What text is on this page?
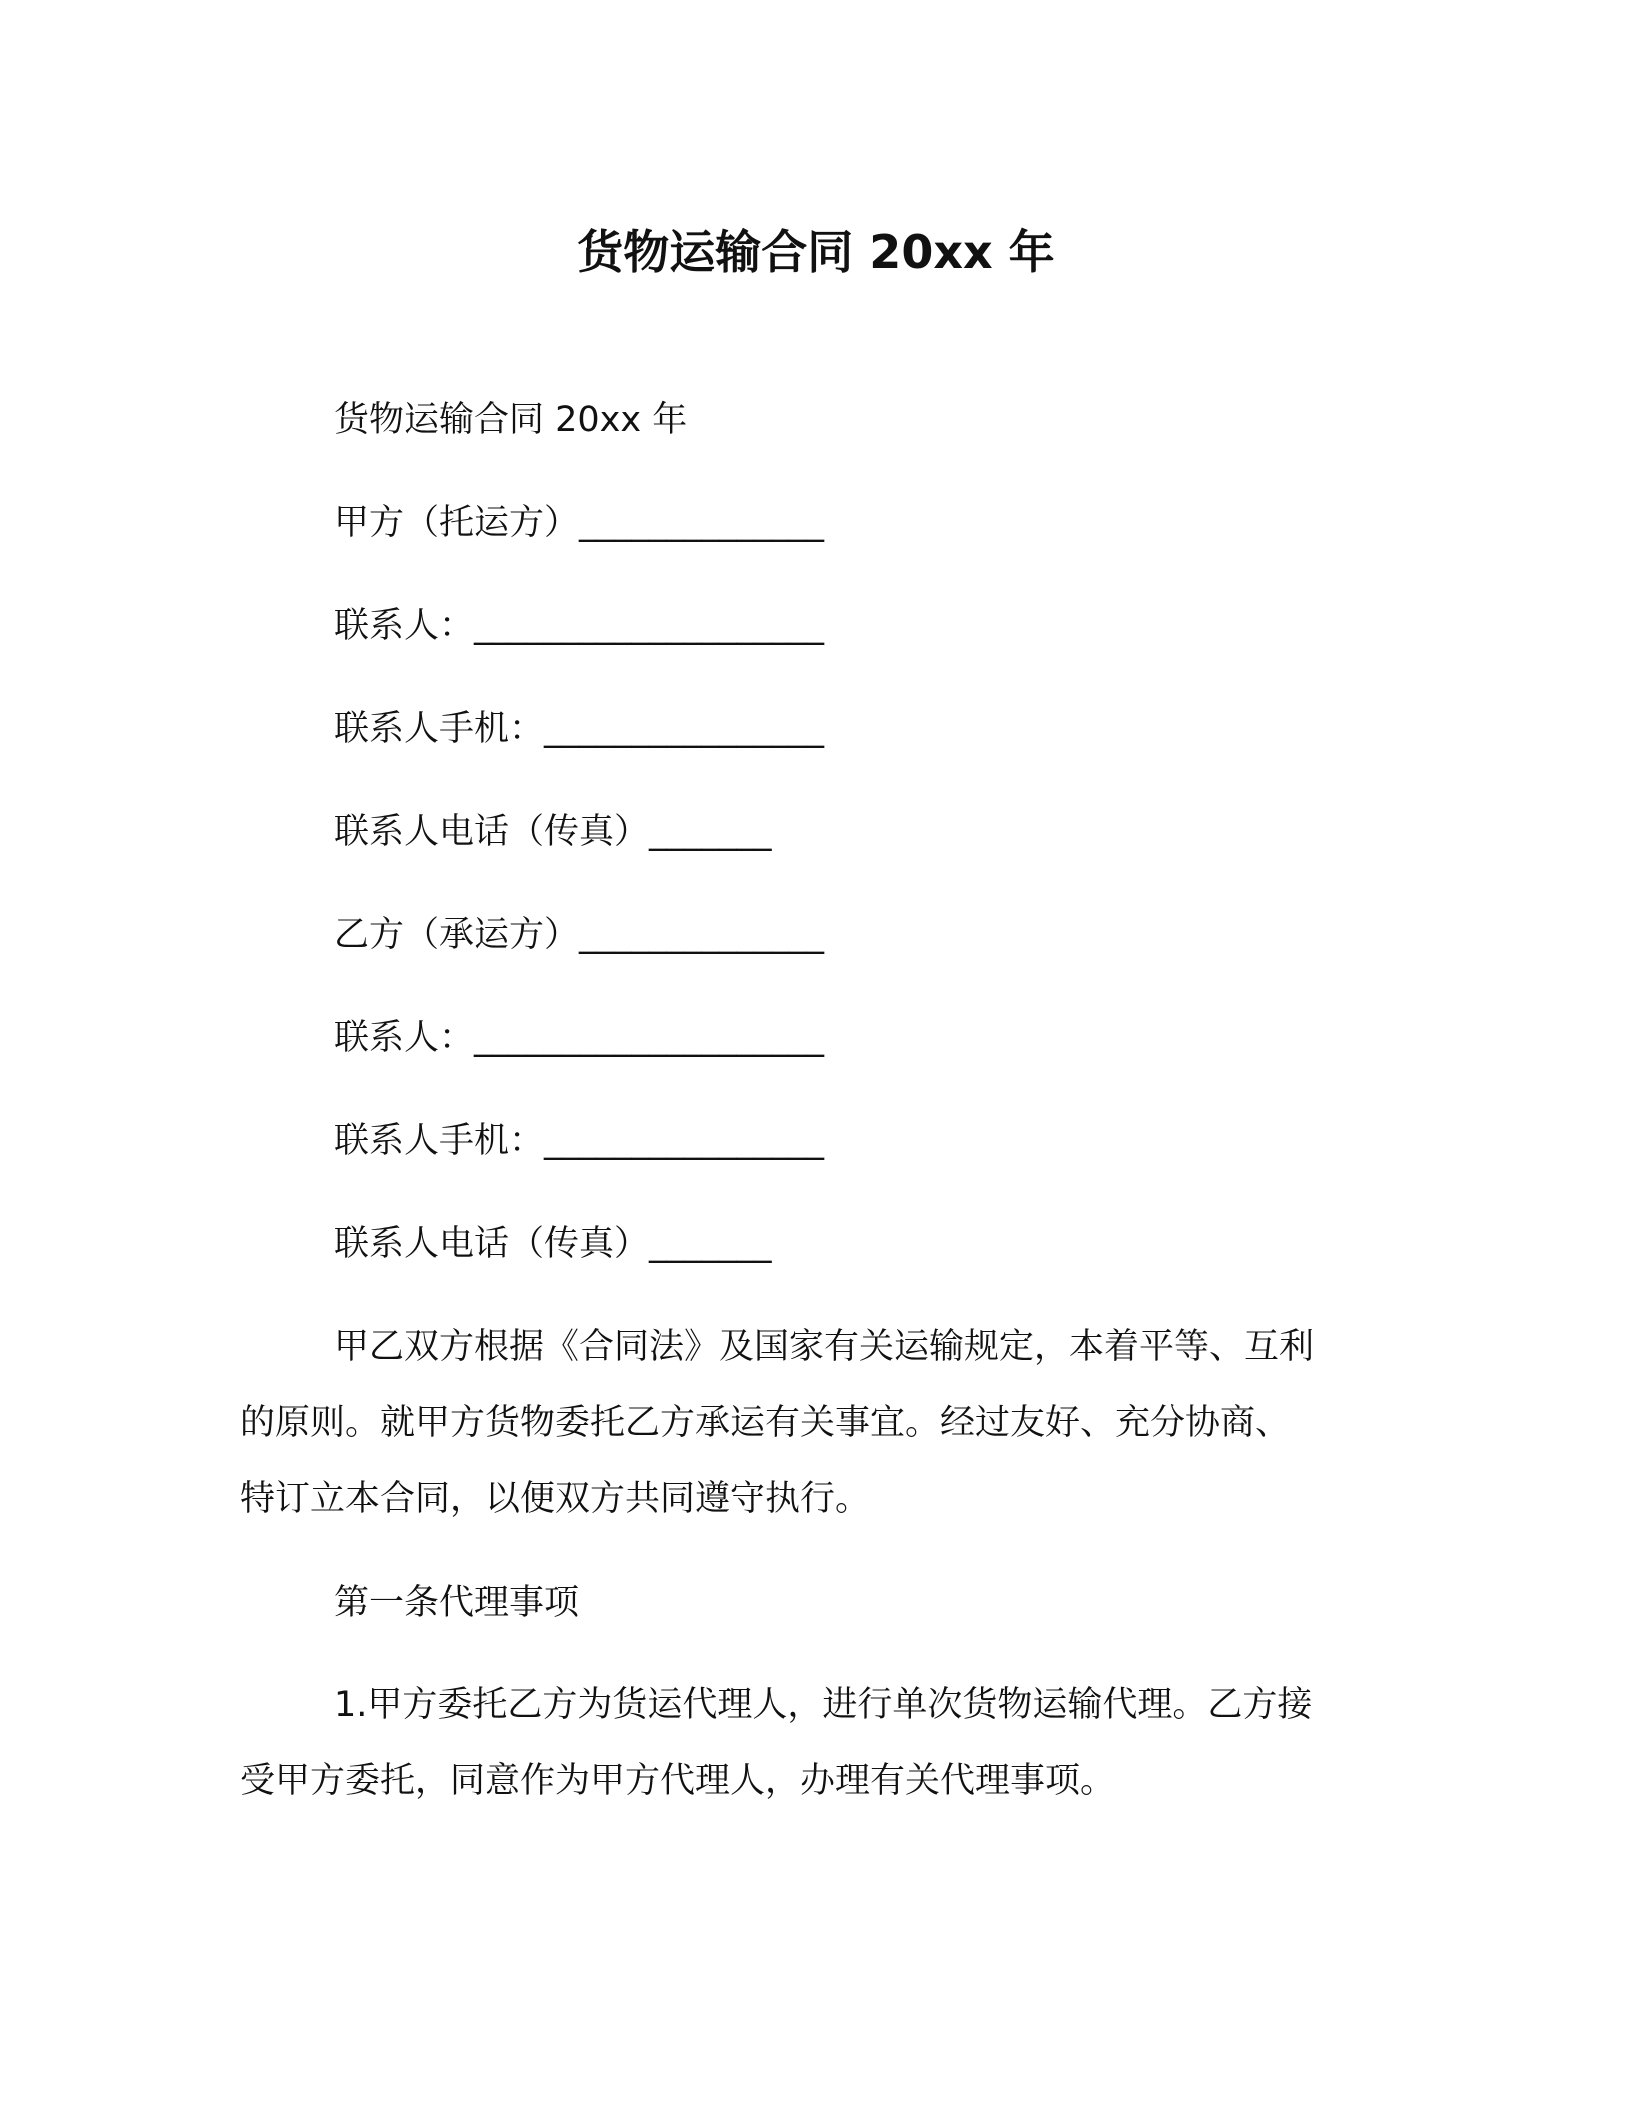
货物运输合同 20xx 年
货物运输合同 20xx 年
甲方（托运方）______________
联系人：____________________
联系人手机：________________
联系人电话（传真）_______
乙方（承运方）______________
联系人：____________________
联系人手机：________________
联系人电话（传真）_______
甲乙双方根据《合同法》及国家有关运输规定，本着平等、互利
的原则。就甲方货物委托乙方承运有关事宜。经过友好、充分协商、
特订立本合同，以便双方共同遵守执行。
第一条代理事项
1.甲方委托乙方为货运代理人，进行单次货物运输代理。乙方接
受甲方委托，同意作为甲方代理人，办理有关代理事项。
